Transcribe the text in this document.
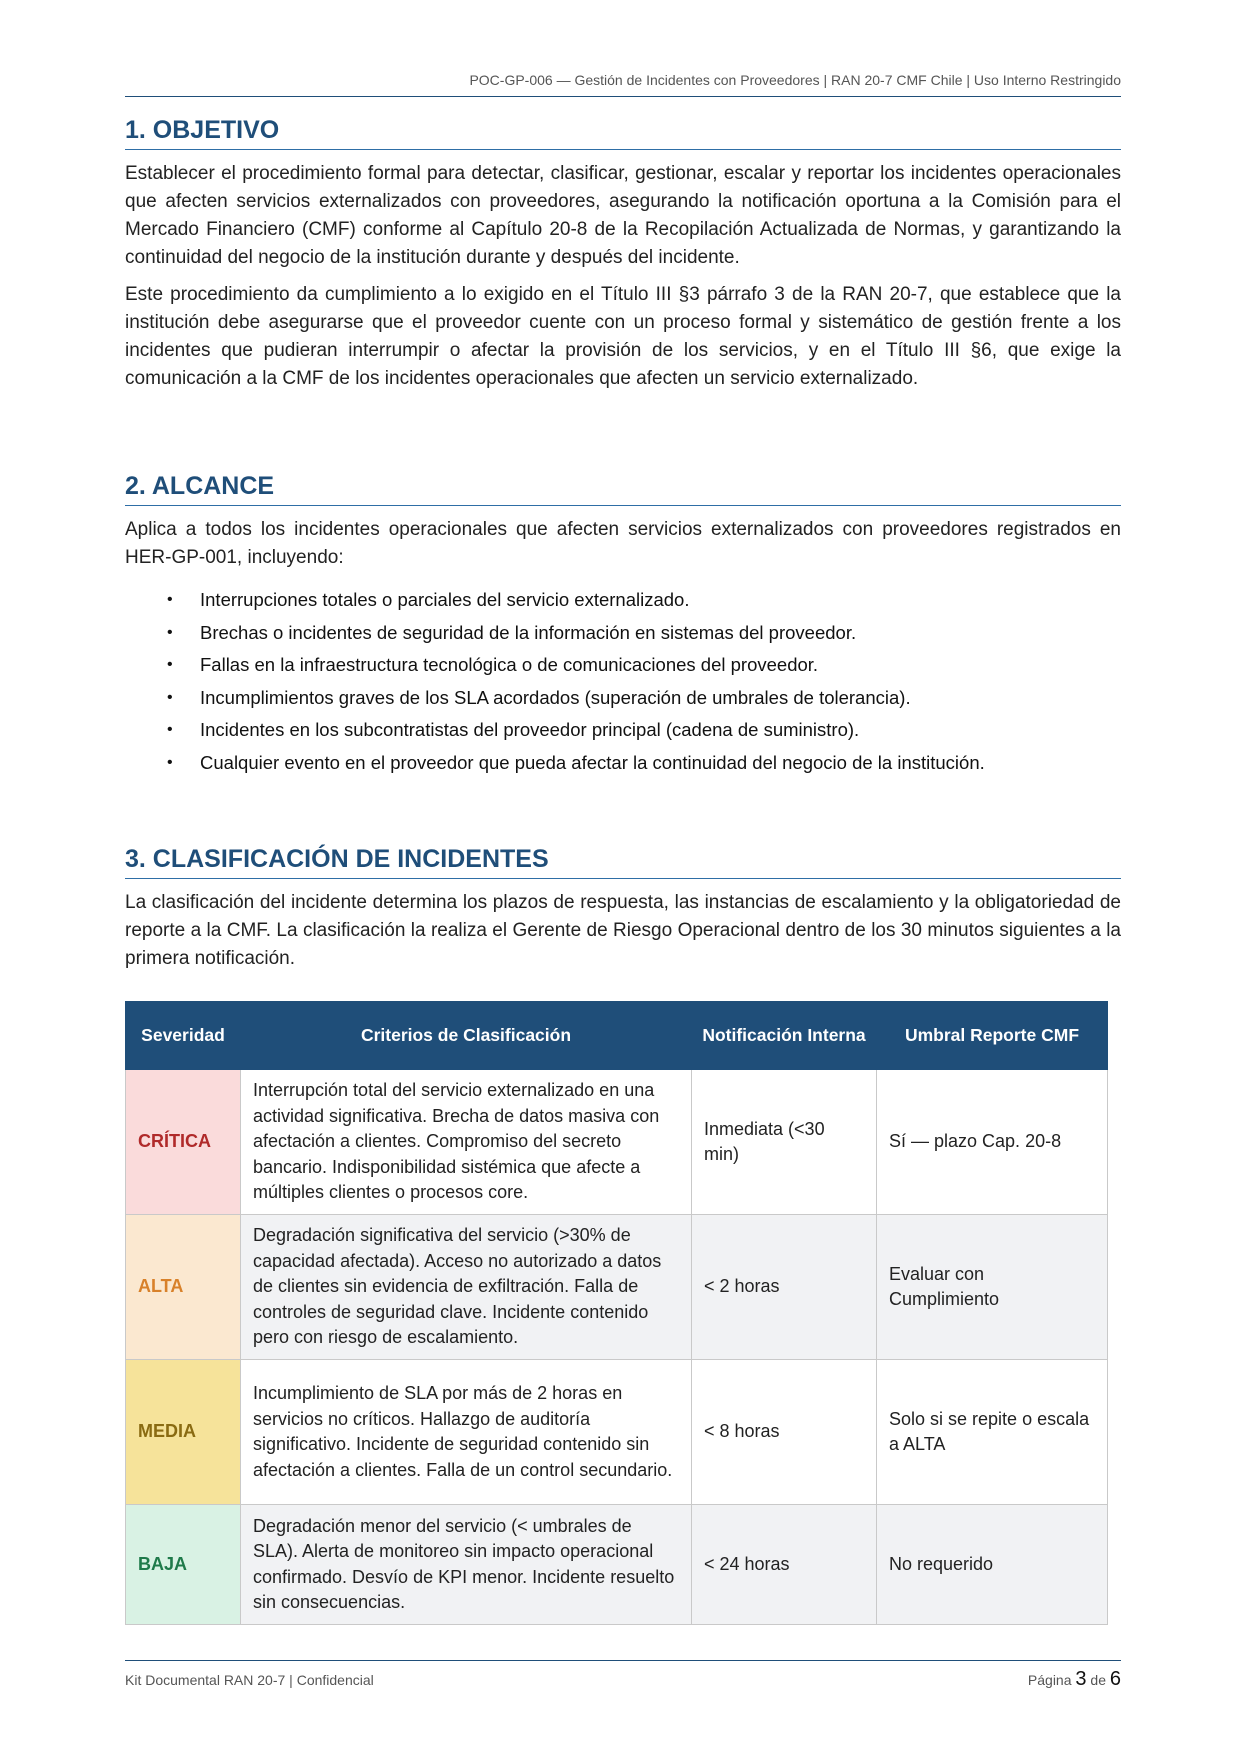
POC-GP-006 — Gestión de Incidentes con Proveedores | RAN 20-7 CMF Chile | Uso Interno Restringido
1. OBJETIVO

Establecer el procedimiento formal para detectar, clasificar, gestionar, escalar y reportar los incidentes operacionales que afecten servicios externalizados con proveedores, asegurando la notificación oportuna a la Comisión para el Mercado Financiero (CMF) conforme al Capítulo 20-8 de la Recopilación Actualizada de Normas, y garantizando la continuidad del negocio de la institución durante y después del incidente.

Este procedimiento da cumplimiento a lo exigido en el Título III §3 párrafo 3 de la RAN 20-7, que establece que la institución debe asegurarse que el proveedor cuente con un proceso formal y sistemático de gestión frente a los incidentes que pudieran interrumpir o afectar la provisión de los servicios, y en el Título III §6, que exige la comunicación a la CMF de los incidentes operacionales que afecten un servicio externalizado.

2. ALCANCE

Aplica a todos los incidentes operacionales que afecten servicios externalizados con proveedores registrados en HER-GP-001, incluyendo:

• Interrupciones totales o parciales del servicio externalizado.
• Brechas o incidentes de seguridad de la información en sistemas del proveedor.
• Fallas en la infraestructura tecnológica o de comunicaciones del proveedor.
• Incumplimientos graves de los SLA acordados (superación de umbrales de tolerancia).
• Incidentes en los subcontratistas del proveedor principal (cadena de suministro).
• Cualquier evento en el proveedor que pueda afectar la continuidad del negocio de la institución.
3. CLASIFICACIÓN DE INCIDENTES

La clasificación del incidente determina los plazos de respuesta, las instancias de escalamiento y la obligatoriedad de reporte a la CMF. La clasificación la realiza el Gerente de Riesgo Operacional dentro de los 30 minutos siguientes a la primera notificación.

Severidad	Criterios de Clasificación	Notificación Interna	Umbral Reporte CMF
CRÍTICA	Interrupción total del servicio externalizado en una actividad significativa. Brecha de datos masiva con afectación a clientes. Compromiso del secreto bancario. Indisponibilidad sistémica que afecte a múltiples clientes o procesos core.	Inmediata (<30 min)	Sí — plazo Cap. 20-8
ALTA	Degradación significativa del servicio (>30% de capacidad afectada). Acceso no autorizado a datos de clientes sin evidencia de exfiltración. Falla de controles de seguridad clave. Incidente contenido pero con riesgo de escalamiento.	< 2 horas	Evaluar con Cumplimiento
MEDIA	Incumplimiento de SLA por más de 2 horas en servicios no críticos. Hallazgo de auditoría significativo. Incidente de seguridad contenido sin afectación a clientes. Falla de un control secundario.	< 8 horas	Solo si se repite o escala a ALTA
BAJA	Degradación menor del servicio (< umbrales de SLA). Alerta de monitoreo sin impacto operacional confirmado. Desvío de KPI menor. Incidente resuelto sin consecuencias.	< 24 horas	No requerido
Kit Documental RAN 20-7 | Confidencial	Página 3 de 6
